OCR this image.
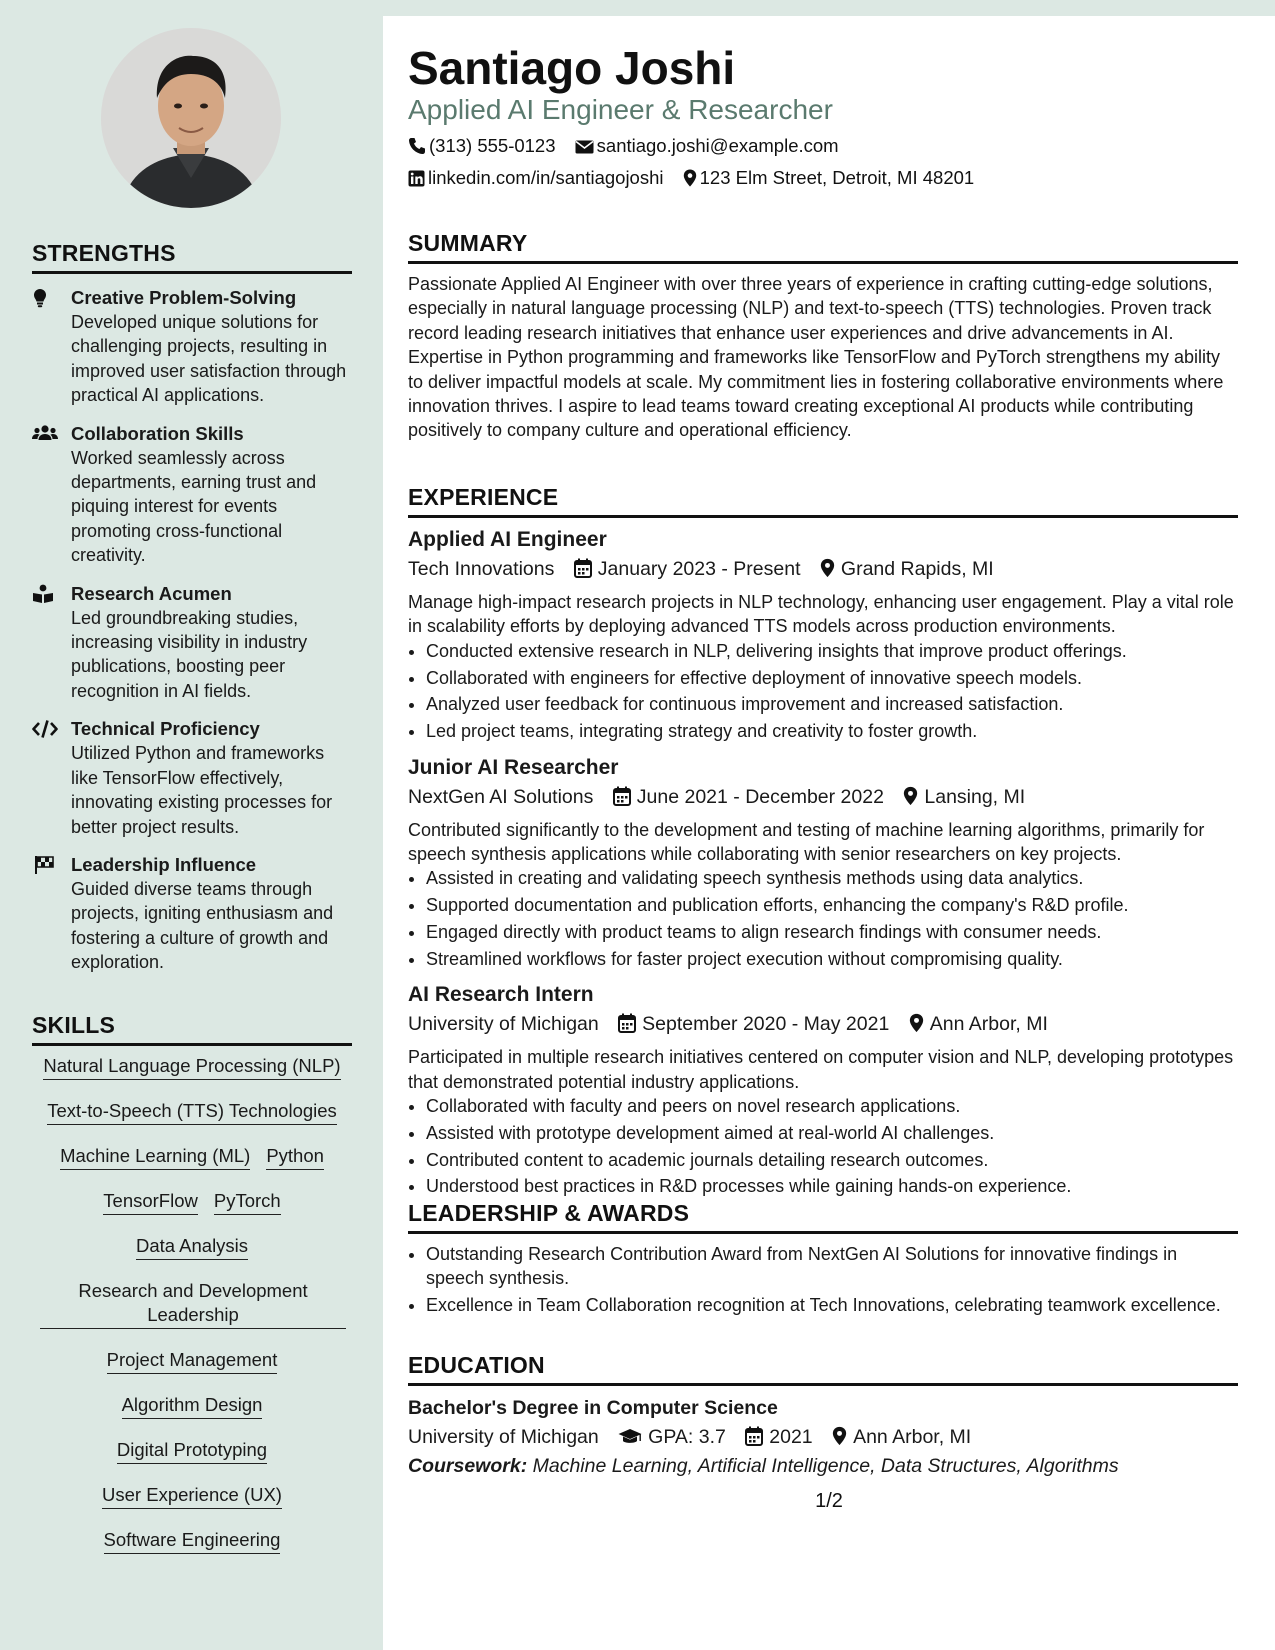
STRENGTHS
Creative Problem-Solving
Developed unique solutions for challenging projects, resulting in improved user satisfaction through practical AI applications.
Collaboration Skills
Worked seamlessly across departments, earning trust and piquing interest for events promoting cross-functional creativity.
Research Acumen
Led groundbreaking studies, increasing visibility in industry publications, boosting peer recognition in AI fields.
Technical Proficiency
Utilized Python and frameworks like TensorFlow effectively, innovating existing processes for better project results.
Leadership Influence
Guided diverse teams through projects, igniting enthusiasm and fostering a culture of growth and exploration.
SKILLS
Natural Language Processing (NLP)
Text-to-Speech (TTS) Technologies
Machine Learning (ML) Python
TensorFlow PyTorch
Data Analysis
Research and Development Leadership
Project Management
Algorithm Design
Digital Prototyping
User Experience (UX)
Software Engineering
Santiago Joshi
Applied AI Engineer & Researcher
(313) 555-0123 santiago.joshi@example.com
linkedin.com/in/santiagojoshi 123 Elm Street, Detroit, MI 48201
SUMMARY

Passionate Applied AI Engineer with over three years of experience in crafting cutting-edge solutions, especially in natural language processing (NLP) and text-to-speech (TTS) technologies. Proven track record leading research initiatives that enhance user experiences and drive advancements in AI. Expertise in Python programming and frameworks like TensorFlow and PyTorch strengthens my ability to deliver impactful models at scale. My commitment lies in fostering collaborative environments where innovation thrives. I aspire to lead teams toward creating exceptional AI products while contributing positively to company culture and operational efficiency.

EXPERIENCE
Applied AI Engineer
Tech Innovations January 2023 - Present Grand Rapids, MI

Manage high-impact research projects in NLP technology, enhancing user engagement. Play a vital role in scalability efforts by deploying advanced TTS models across production environments.

• Conducted extensive research in NLP, delivering insights that improve product offerings.
• Collaborated with engineers for effective deployment of innovative speech models.
• Analyzed user feedback for continuous improvement and increased satisfaction.
• Led project teams, integrating strategy and creativity to foster growth.
Junior AI Researcher
NextGen AI Solutions June 2021 - December 2022 Lansing, MI

Contributed significantly to the development and testing of machine learning algorithms, primarily for speech synthesis applications while collaborating with senior researchers on key projects.

• Assisted in creating and validating speech synthesis methods using data analytics.
• Supported documentation and publication efforts, enhancing the company's R&D profile.
• Engaged directly with product teams to align research findings with consumer needs.
• Streamlined workflows for faster project execution without compromising quality.
AI Research Intern
University of Michigan September 2020 - May 2021 Ann Arbor, MI

Participated in multiple research initiatives centered on computer vision and NLP, developing prototypes that demonstrated potential industry applications.

• Collaborated with faculty and peers on novel research applications.
• Assisted with prototype development aimed at real-world AI challenges.
• Contributed content to academic journals detailing research outcomes.
• Understood best practices in R&D processes while gaining hands-on experience.
LEADERSHIP & AWARDS
• Outstanding Research Contribution Award from NextGen AI Solutions for innovative findings in speech synthesis.
• Excellence in Team Collaboration recognition at Tech Innovations, celebrating teamwork excellence.
EDUCATION
Bachelor's Degree in Computer Science
University of Michigan	GPA: 3.7 2021 Ann Arbor, MI
Coursework: Machine Learning, Artificial Intelligence, Data Structures, Algorithms
1/2
